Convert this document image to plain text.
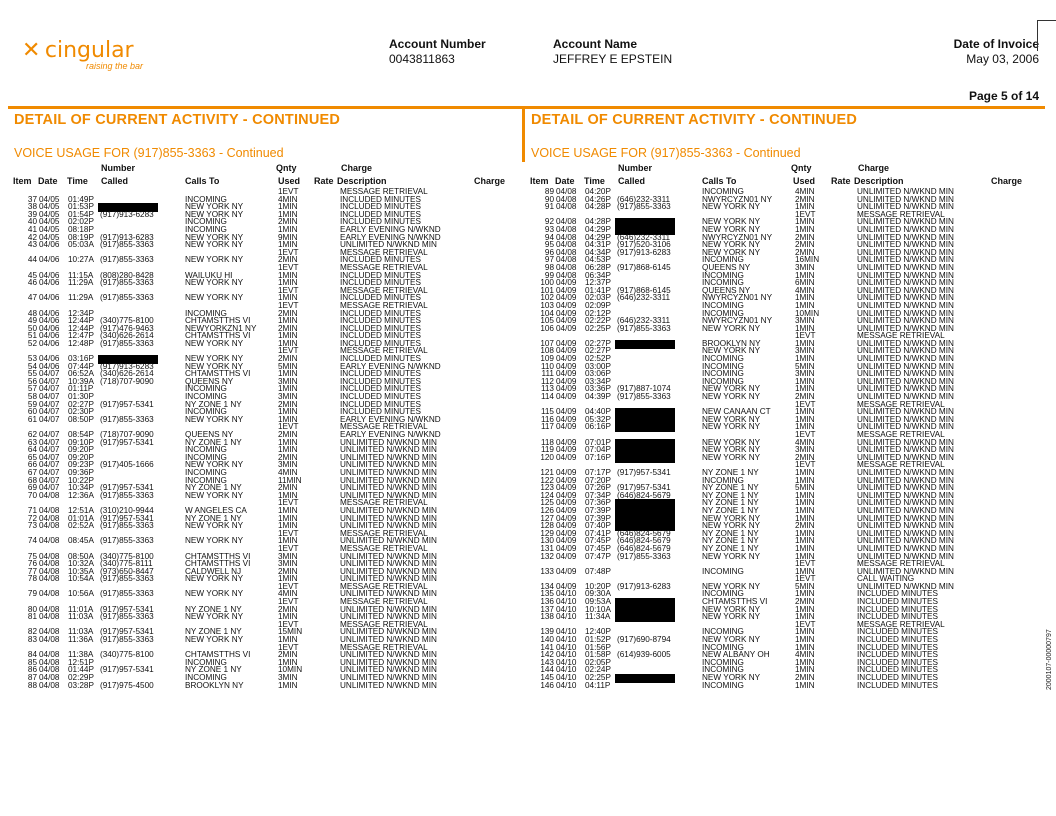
✕ cingular
raising the bar
Account Number
0043811863
Account Name
JEFFREY E EPSTEIN
Date of Invoice
May 03, 2006
Page 5 of 14
DETAIL OF CURRENT ACTIVITY - CONTINUED	DETAIL OF CURRENT ACTIVITY - CONTINUED
VOICE USAGE FOR (917)855-3363 - Continued	VOICE USAGE FOR (917)855-3363 - Continued
Number	Qnty	Charge
Item Date Time Called	Calls To	Used Rate Description	Charge
1EVT	MESSAGE RETRIEVAL
37 04/05 01:49P	INCOMING	4MIN	INCLUDED MINUTES
38 04/05 01:53P	NEW YORK NY	1MIN	INCLUDED MINUTES
39 04/05 01:54P (917)913-6283	NEW YORK NY	1MIN	INCLUDED MINUTES
40 04/05 02:02P	INCOMING	2MIN	INCLUDED MINUTES
41 04/05 08:18P	INCOMING	1MIN	EARLY EVENING N/WKND
42 04/05 08:19P (917)913-6283	NEW YORK NY	9MIN	EARLY EVENING N/WKND
43 04/06 05:03A (917)855-3363	NEW YORK NY	1MIN	UNLIMITED N/WKND MIN
1EVT	MESSAGE RETRIEVAL
44 04/06 10:27A (917)855-3363	NEW YORK NY	2MIN	INCLUDED MINUTES
1EVT	MESSAGE RETRIEVAL
45 04/06 11:15A (808)280-8428	WAILUKU HI	1MIN	INCLUDED MINUTES
46 04/06 11:29A (917)855-3363	NEW YORK NY	1MIN	INCLUDED MINUTES
1EVT	MESSAGE RETRIEVAL
47 04/06 11:29A (917)855-3363	NEW YORK NY	1MIN	INCLUDED MINUTES
1EVT	MESSAGE RETRIEVAL
48 04/06 12:34P	INCOMING	2MIN	INCLUDED MINUTES
49 04/06 12:44P (340)775-8100	CHTAMSTTHS VI	1MIN	INCLUDED MINUTES
50 04/06 12:44P (917)476-9463	NEWYORKZN1 NY	2MIN	INCLUDED MINUTES
51 04/06 12:47P (340)626-2614	CHTAMSTTHS VI	1MIN	INCLUDED MINUTES
52 04/06 12:48P (917)855-3363	NEW YORK NY	1MIN	INCLUDED MINUTES
1EVT	MESSAGE RETRIEVAL
53 04/06 03:16P	NEW YORK NY	2MIN	INCLUDED MINUTES
54 04/06 07:44P (917)913-6283	NEW YORK NY	5MIN	EARLY EVENING N/WKND
55 04/07 06:52A (340)626-2614	CHTAMSTTHS VI	1MIN	INCLUDED MINUTES
56 04/07 10:39A (718)707-9090	QUEENS NY	3MIN	INCLUDED MINUTES
57 04/07 01:11P	INCOMING	1MIN	INCLUDED MINUTES
58 04/07 01:30P	INCOMING	3MIN	INCLUDED MINUTES
59 04/07 02:27P (917)957-5341	NY ZONE 1 NY	2MIN	INCLUDED MINUTES
60 04/07 02:30P	INCOMING	1MIN	INCLUDED MINUTES
61 04/07 08:50P (917)855-3363	NEW YORK NY	1MIN	EARLY EVENING N/WKND
1EVT	MESSAGE RETRIEVAL
62 04/07 08:54P (718)707-9090	QUEENS NY	2MIN	EARLY EVENING N/WKND
63 04/07 09:10P (917)957-5341	NY ZONE 1 NY	1MIN	UNLIMITED N/WKND MIN
64 04/07 09:20P	INCOMING	1MIN	UNLIMITED N/WKND MIN
65 04/07 09:20P	INCOMING	2MIN	UNLIMITED N/WKND MIN
66 04/07 09:23P (917)405-1666	NEW YORK NY	3MIN	UNLIMITED N/WKND MIN
67 04/07 09:36P	INCOMING	4MIN	UNLIMITED N/WKND MIN
68 04/07 10:22P	INCOMING	11MIN	UNLIMITED N/WKND MIN
69 04/07 10:34P (917)957-5341	NY ZONE 1 NY	2MIN	UNLIMITED N/WKND MIN
70 04/08 12:36A (917)855-3363	NEW YORK NY	1MIN	UNLIMITED N/WKND MIN
1EVT	MESSAGE RETRIEVAL
71 04/08 12:51A (310)210-9944	W ANGELES CA	1MIN	UNLIMITED N/WKND MIN
72 04/08 01:01A (917)957-5341	NY ZONE 1 NY	1MIN	UNLIMITED N/WKND MIN
73 04/08 02:52A (917)855-3363	NEW YORK NY	1MIN	UNLIMITED N/WKND MIN
1EVT	MESSAGE RETRIEVAL
74 04/08 08:45A (917)855-3363	NEW YORK NY	1MIN	UNLIMITED N/WKND MIN
1EVT	MESSAGE RETRIEVAL
75 04/08 08:50A (340)775-8100	CHTAMSTTHS VI	3MIN	UNLIMITED N/WKND MIN
76 04/08 10:32A (340)775-8111	CHTAMSTTHS VI	3MIN	UNLIMITED N/WKND MIN
77 04/08 10:35A (973)650-8447	CALDWELL NJ	2MIN	UNLIMITED N/WKND MIN
78 04/08 10:54A (917)855-3363	NEW YORK NY	1MIN	UNLIMITED N/WKND MIN
1EVT	MESSAGE RETRIEVAL
79 04/08 10:56A (917)855-3363	NEW YORK NY	4MIN	UNLIMITED N/WKND MIN
1EVT	MESSAGE RETRIEVAL
80 04/08 11:01A (917)957-5341	NY ZONE 1 NY	2MIN	UNLIMITED N/WKND MIN
81 04/08 11:03A (917)855-3363	NEW YORK NY	1MIN	UNLIMITED N/WKND MIN
1EVT	MESSAGE RETRIEVAL
82 04/08 11:03A (917)957-5341	NY ZONE 1 NY	15MIN	UNLIMITED N/WKND MIN
83 04/08 11:36A (917)855-3363	NEW YORK NY	1MIN	UNLIMITED N/WKND MIN
1EVT	MESSAGE RETRIEVAL
84 04/08 11:38A (340)775-8100	CHTAMSTTHS VI	2MIN	UNLIMITED N/WKND MIN
85 04/08 12:51P	INCOMING	1MIN	UNLIMITED N/WKND MIN
86 04/08 01:44P (917)957-5341	NY ZONE 1 NY	10MIN	UNLIMITED N/WKND MIN
87 04/08 02:29P	INCOMING	3MIN	UNLIMITED N/WKND MIN
88 04/08 03:28P (917)975-4500	BROOKLYN NY	1MIN	UNLIMITED N/WKND MIN
Number	Qnty	Charge
Item Date Time Called	Calls To	Used Rate Description	Charge
89 04/08 04:20P	INCOMING	4MIN	UNLIMITED N/WKND MIN
90 04/08 04:26P (646)232-3311	NWYRCYZN01 NY	2MIN	UNLIMITED N/WKND MIN
91 04/08 04:28P (917)855-3363	NEW YORK NY	1MIN	UNLIMITED N/WKND MIN
1EVT	MESSAGE RETRIEVAL
92 04/08 04:28P	NEW YORK NY	1MIN	UNLIMITED N/WKND MIN
93 04/08 04:29P	NEW YORK NY	1MIN	UNLIMITED N/WKND MIN
94 04/08 04:29P (646)232-3311	NWYRCYZN01 NY	2MIN	UNLIMITED N/WKND MIN
95 04/08 04:31P (917)520-3106	NEW YORK NY	2MIN	UNLIMITED N/WKND MIN
96 04/08 04:34P (917)913-6283	NEW YORK NY	2MIN	UNLIMITED N/WKND MIN
97 04/08 04:53P	INCOMING	16MIN	UNLIMITED N/WKND MIN
98 04/08 06:28P (917)868-6145	QUEENS NY	3MIN	UNLIMITED N/WKND MIN
99 04/08 06:34P	INCOMING	1MIN	UNLIMITED N/WKND MIN
100 04/09 12:37P	INCOMING	6MIN	UNLIMITED N/WKND MIN
101 04/09 01:41P (917)868-6145	QUEENS NY	4MIN	UNLIMITED N/WKND MIN
102 04/09 02:03P (646)232-3311	NWYRCYZN01 NY	1MIN	UNLIMITED N/WKND MIN
103 04/09 02:09P	INCOMING	1MIN	UNLIMITED N/WKND MIN
104 04/09 02:12P	INCOMING	10MIN	UNLIMITED N/WKND MIN
105 04/09 02:22P (646)232-3311	NWYRCYZN01 NY	3MIN	UNLIMITED N/WKND MIN
106 04/09 02:25P (917)855-3363	NEW YORK NY	1MIN	UNLIMITED N/WKND MIN
1EVT	MESSAGE RETRIEVAL
107 04/09 02:27P	BROOKLYN NY	1MIN	UNLIMITED N/WKND MIN
108 04/09 02:27P	NEW YORK NY	3MIN	UNLIMITED N/WKND MIN
109 04/09 02:52P	INCOMING	1MIN	UNLIMITED N/WKND MIN
110 04/09 03:00P	INCOMING	5MIN	UNLIMITED N/WKND MIN
111 04/09 03:06P	INCOMING	3MIN	UNLIMITED N/WKND MIN
112 04/09 03:34P	INCOMING	1MIN	UNLIMITED N/WKND MIN
113 04/09 03:36P (917)887-1074	NEW YORK NY	1MIN	UNLIMITED N/WKND MIN
114 04/09 04:39P (917)855-3363	NEW YORK NY	2MIN	UNLIMITED N/WKND MIN
1EVT	MESSAGE RETRIEVAL
115 04/09 04:40P	NEW CANAAN CT	1MIN	UNLIMITED N/WKND MIN
116 04/09 05:32P	NEW YORK NY	1MIN	UNLIMITED N/WKND MIN
117 04/09 06:16P	NEW YORK NY	1MIN	UNLIMITED N/WKND MIN
1EVT	MESSAGE RETRIEVAL
118 04/09 07:01P	NEW YORK NY	4MIN	UNLIMITED N/WKND MIN
119 04/09 07:04P	NEW YORK NY	3MIN	UNLIMITED N/WKND MIN
120 04/09 07:16P	NEW YORK NY	2MIN	UNLIMITED N/WKND MIN
1EVT	MESSAGE RETRIEVAL
121 04/09 07:17P (917)957-5341	NY ZONE 1 NY	1MIN	UNLIMITED N/WKND MIN
122 04/09 07:20P	INCOMING	1MIN	UNLIMITED N/WKND MIN
123 04/09 07:26P (917)957-5341	NY ZONE 1 NY	5MIN	UNLIMITED N/WKND MIN
124 04/09 07:34P (646)824-5679	NY ZONE 1 NY	1MIN	UNLIMITED N/WKND MIN
125 04/09 07:36P	NY ZONE 1 NY	1MIN	UNLIMITED N/WKND MIN
126 04/09 07:39P	NY ZONE 1 NY	1MIN	UNLIMITED N/WKND MIN
127 04/09 07:39P	NEW YORK NY	1MIN	UNLIMITED N/WKND MIN
128 04/09 07:40P	NEW YORK NY	2MIN	UNLIMITED N/WKND MIN
129 04/09 07:41P (646)824-5679	NY ZONE 1 NY	1MIN	UNLIMITED N/WKND MIN
130 04/09 07:45P (646)824-5679	NY ZONE 1 NY	1MIN	UNLIMITED N/WKND MIN
131 04/09 07:45P (646)824-5679	NY ZONE 1 NY	1MIN	UNLIMITED N/WKND MIN
132 04/09 07:47P (917)855-3363	NEW YORK NY	1MIN	UNLIMITED N/WKND MIN
1EVT	MESSAGE RETRIEVAL
133 04/09 07:48P	INCOMING	1MIN	UNLIMITED N/WKND MIN
1EVT	CALL WAITING
134 04/09 10:20P (917)913-6283	NEW YORK NY	5MIN	UNLIMITED N/WKND MIN
135 04/10 09:30A	INCOMING	1MIN	INCLUDED MINUTES
136 04/10 09:53A	CHTAMSTTHS VI	2MIN	INCLUDED MINUTES
137 04/10 10:10A	NEW YORK NY	1MIN	INCLUDED MINUTES
138 04/10 11:34A	NEW YORK NY	1MIN	INCLUDED MINUTES
1EVT	MESSAGE RETRIEVAL
139 04/10 12:40P	INCOMING	1MIN	INCLUDED MINUTES
140 04/10 01:52P (917)690-8794	NEW YORK NY	1MIN	INCLUDED MINUTES
141 04/10 01:56P	INCOMING	1MIN	INCLUDED MINUTES
142 04/10 01:58P (614)939-6005	NEW ALBANY OH	4MIN	INCLUDED MINUTES
143 04/10 02:05P	INCOMING	1MIN	INCLUDED MINUTES
144 04/10 02:24P	INCOMING	1MIN	INCLUDED MINUTES
145 04/10 02:25P	NEW YORK NY	2MIN	INCLUDED MINUTES
146 04/10 04:11P	INCOMING	1MIN	INCLUDED MINUTES	2000107-00000797
